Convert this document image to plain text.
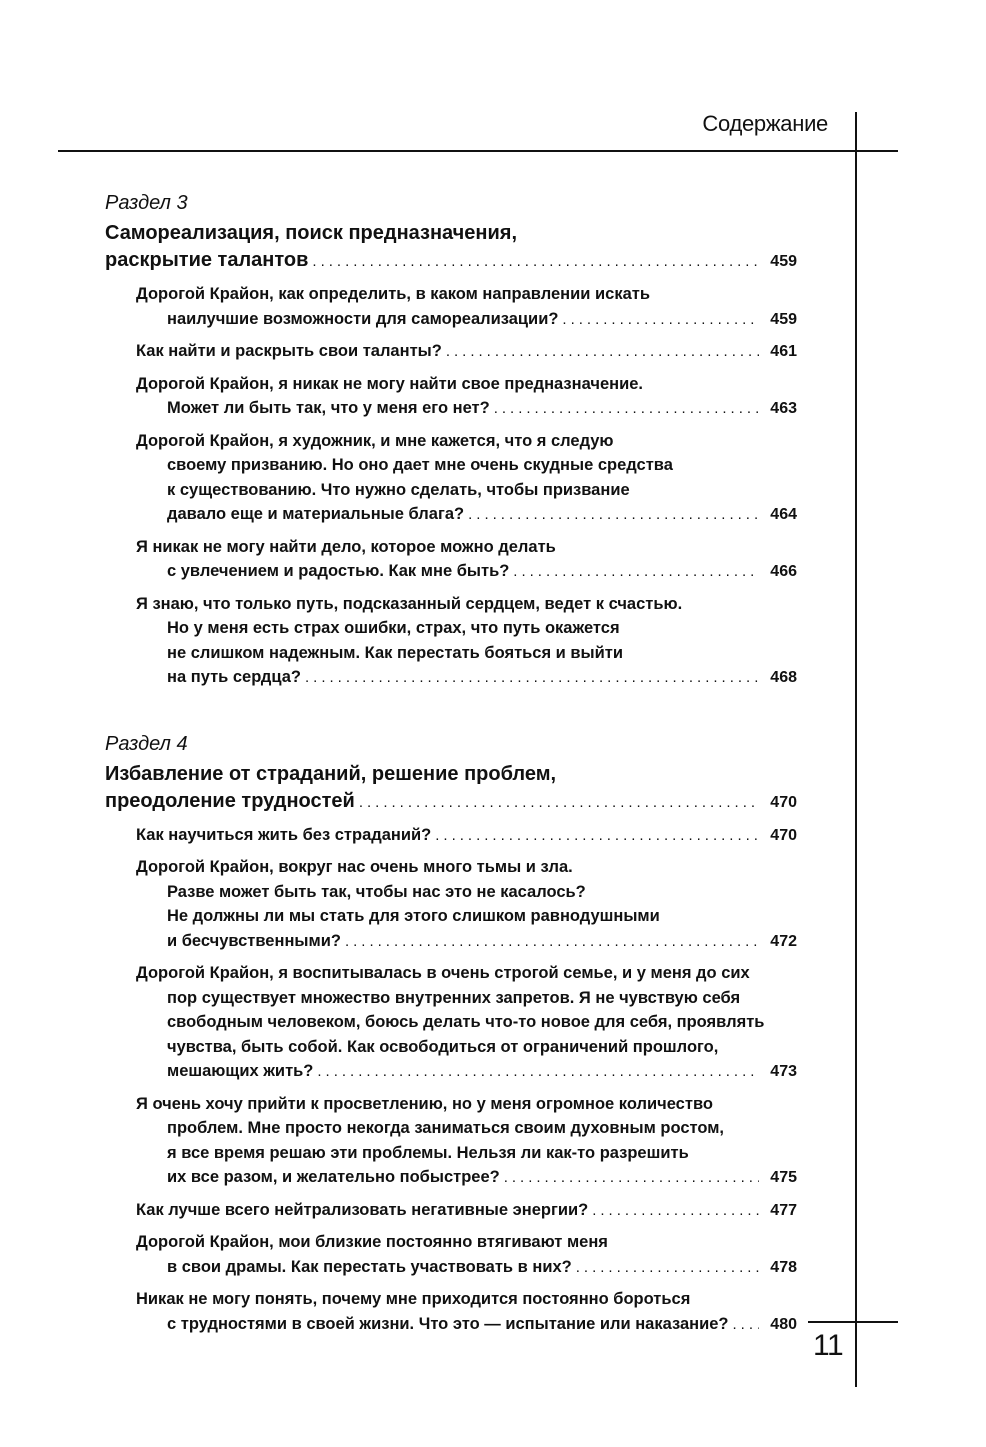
Содержание
11
Раздел 3
Самореализация, поиск предназначения,
раскрытие талантов .....	459
Дорогой Крайон, как определить, в каком направлении искать
наилучшие возможности для самореализации? .....	459
Как найти и раскрыть свои таланты? .....	461
Дорогой Крайон, я никак не могу найти свое предназначение.
Может ли быть так, что у меня его нет? .....	463
Дорогой Крайон, я художник, и мне кажется, что я следую
своему призванию. Но оно дает мне очень скудные средства
к существованию. Что нужно сделать, чтобы призвание
давало еще и материальные блага? .....	464
Я никак не могу найти дело, которое можно делать
с увлечением и радостью. Как мне быть? .....	466
Я знаю, что только путь, подсказанный сердцем, ведет к счастью.
Но у меня есть страх ошибки, страх, что путь окажется
не слишком надежным. Как перестать бояться и выйти
на путь сердца? .....	468
Раздел 4
Избавление от страданий, решение проблем,
преодоление трудностей .....	470
Как научиться жить без страданий? .....	470
Дорогой Крайон, вокруг нас очень много тьмы и зла.
Разве может быть так, чтобы нас это не касалось?
Не должны ли мы стать для этого слишком равнодушными
и бесчувственными? .....	472
Дорогой Крайон, я воспитывалась в очень строгой семье, и у меня до сих
пор существует множество внутренних запретов. Я не чувствую себя
свободным человеком, боюсь делать что-то новое для себя, проявлять
чувства, быть собой. Как освободиться от ограничений прошлого,
мешающих жить? .....	473
Я очень хочу прийти к просветлению, но у меня огромное количество
проблем. Мне просто некогда заниматься своим духовным ростом,
я все время решаю эти проблемы. Нельзя ли как-то разрешить
их все разом, и желательно побыстрее? .....	475
Как лучше всего нейтрализовать негативные энергии? .....	477
Дорогой Крайон, мои близкие постоянно втягивают меня
в свои драмы. Как перестать участвовать в них? .....	478
Никак не могу понять, почему мне приходится постоянно бороться
с трудностями в своей жизни. Что это — испытание или наказание? .....	480
